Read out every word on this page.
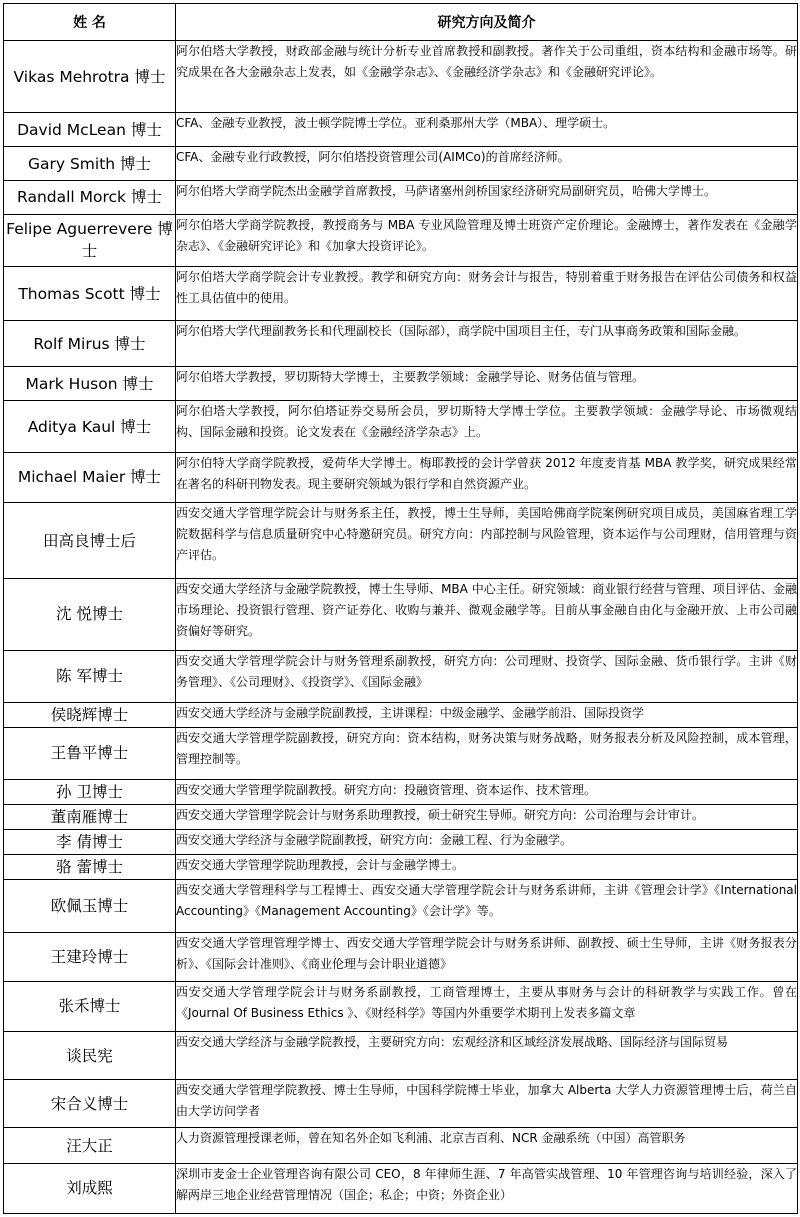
姓 名	研究方向及简介
Vikas Mehrotra 博士	阿尔伯塔大学教授，财政部金融与统计分析专业首席教授和副教授。著作关于公司重组，资本结构和金融市场等。研究成果在各大金融杂志上发表，如《金融学杂志》、《金融经济学杂志》和《金融研究评论》。
David McLean 博士	CFA、金融专业教授，波士顿学院博士学位。亚利桑那州大学（MBA）、理学硕士。
Gary Smith 博士	CFA、金融专业行政教授，阿尔伯塔投资管理公司(AIMCo)的首席经济师。
Randall Morck 博士	阿尔伯塔大学商学院杰出金融学首席教授，马萨诸塞州剑桥国家经济研究局副研究员，哈佛大学博士。
Felipe Aguerrevere 博士	阿尔伯塔大学商学院教授，教授商务与 MBA 专业风险管理及博士班资产定价理论。金融博士，著作发表在《金融学杂志》、《金融研究评论》和《加拿大投资评论》。
Thomas Scott 博士	阿尔伯塔大学商学院会计专业教授。教学和研究方向：财务会计与报告，特别着重于财务报告在评估公司债务和权益性工具估值中的使用。
Rolf Mirus 博士	阿尔伯塔大学代理副教务长和代理副校长（国际部），商学院中国项目主任，专门从事商务政策和国际金融。
Mark Huson 博士	阿尔伯塔大学教授，罗切斯特大学博士，主要教学领域：金融学导论、财务估值与管理。
Aditya Kaul 博士	阿尔伯塔大学教授，阿尔伯塔证券交易所会员，罗切斯特大学博士学位。主要教学领域：金融学导论、市场微观结构、国际金融和投资。论文发表在《金融经济学杂志》上。
Michael Maier 博士	阿尔伯特大学商学院教授，爱荷华大学博士。梅耶教授的会计学曾获 2012 年度麦肯基 MBA 教学奖，研究成果经常在著名的科研刊物发表。现主要研究领域为银行学和自然资源产业。
田高良博士后	西安交通大学管理学院会计与财务系主任，教授，博士生导师，美国哈佛商学院案例研究项目成员，美国麻省理工学院数据科学与信息质量研究中心特邀研究员。研究方向：内部控制与风险管理，资本运作与公司理财，信用管理与资产评估。
沈 悦博士	西安交通大学经济与金融学院教授，博士生导师、MBA 中心主任。研究领域：商业银行经营与管理、项目评估、金融市场理论、投资银行管理、资产证券化、收购与兼并、微观金融学等。目前从事金融自由化与金融开放、上市公司融资偏好等研究。
陈 军博士	西安交通大学管理学院会计与财务管理系副教授，研究方向：公司理财、投资学、国际金融、货币银行学。主讲《财务管理》、《公司理财》、《投资学》、《国际金融》
侯晓辉博士	西安交通大学经济与金融学院副教授，主讲课程：中级金融学、金融学前沿、国际投资学
王鲁平博士	西安交通大学管理学院副教授，研究方向：资本结构，财务决策与财务战略，财务报表分析及风险控制，成本管理，管理控制等。
孙 卫博士	西安交通大学管理学院副教授。研究方向：投融资管理、资本运作、技术管理。
董南雁博士	西安交通大学管理学院会计与财务系助理教授，硕士研究生导师。研究方向：公司治理与会计审计。
李 倩博士	西安交通大学经济与金融学院副教授，研究方向：金融工程、行为金融学。
骆 蕾博士	西安交通大学管理学院助理教授，会计与金融学博士。
欧佩玉博士	西安交通大学管理科学与工程博士、西安交通大学管理学院会计与财务系讲师，主讲《管理会计学》《International Accounting》《Management Accounting》《会计学》等。
王建玲博士	西安交通大学管理管理学博士、西安交通大学管理学院会计与财务系讲师、副教授、硕士生导师，主讲《财务报表分析》、《国际会计准则》、《商业伦理与会计职业道德》
张禾博士	西安交通大学管理学院会计与财务系副教授，工商管理博士，主要从事财务与会计的科研教学与实践工作。曾在《Journal Of Business Ethics 》、《财经科学》等国内外重要学术期刊上发表多篇文章
谈民宪	西安交通大学经济与金融学院教授，主要研究方向：宏观经济和区域经济发展战略、国际经济与国际贸易
宋合义博士	西安交通大学管理学院教授、博士生导师，中国科学院博士毕业，加拿大 Alberta 大学人力资源管理博士后，荷兰自由大学访问学者
汪大正	人力资源管理授课老师，曾在知名外企如飞利浦、北京吉百利、NCR 金融系统（中国）高管职务
刘成熙	深圳市麦金士企业管理咨询有限公司 CEO，8 年律师生涯、7 年高管实战管理、10 年管理咨询与培训经验，深入了解两岸三地企业经营管理情况（国企；私企；中资；外资企业）
